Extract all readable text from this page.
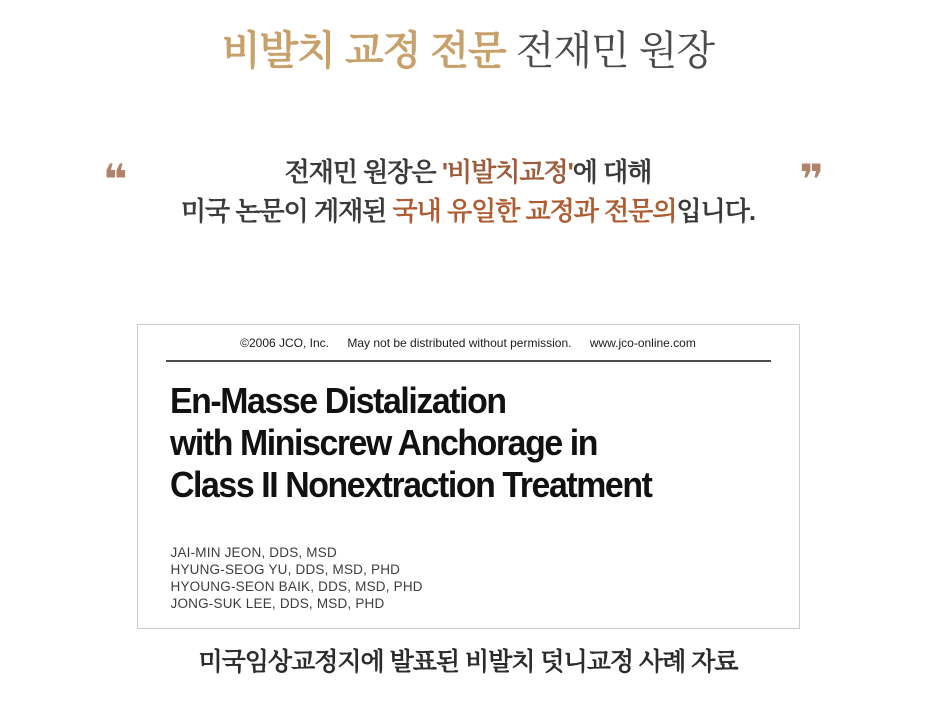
비발치 교정 전문 전재민 원장
❝	전재민 원장은 '비발치교정'에 대해

미국 논문이 게재된 국내 유일한 교정과 전문의입니다.

❞
©2006 JCO, Inc. May not be distributed without permission. www.jco-online.com
En-Masse Distalization
with Miniscrew Anchorage in
Class II Nonextraction Treatment
JAI-MIN JEON, DDS, MSD
HYUNG-SEOG YU, DDS, MSD, PHD
HYOUNG-SEON BAIK, DDS, MSD, PHD
JONG-SUK LEE, DDS, MSD, PHD

미국임상교정지에 발표된 비발치 덧니교정 사례 자료
